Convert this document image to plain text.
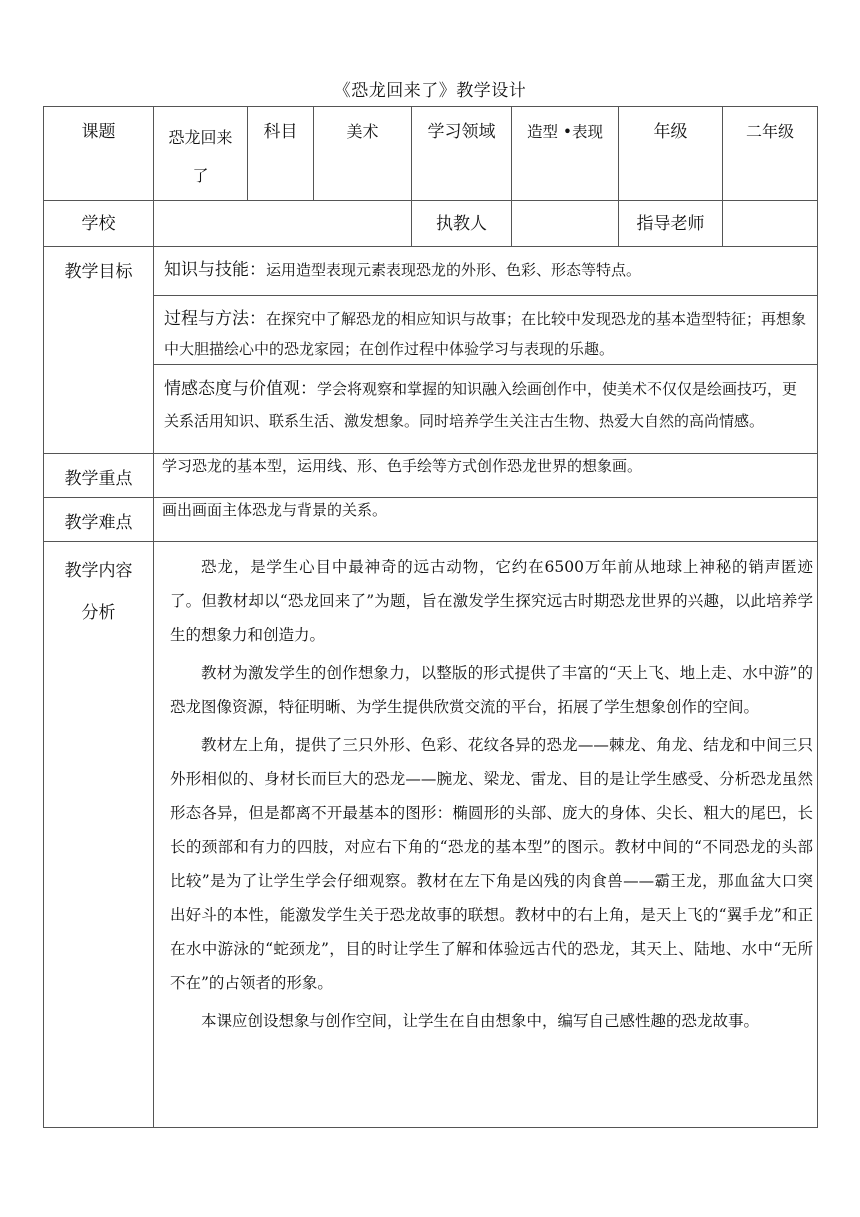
《恐龙回来了》教学设计
课题	恐龙回来了	科目	美术	学习领域	造型 •表现	年级	二年级
学校				执教人		指导老师	
教学目标	知识与技能：运用造型表现元素表现恐龙的外形、色彩、形态等特点。
过程与方法：在探究中了解恐龙的相应知识与故事；在比较中发现恐龙的基本造型特征；再想象中大胆描绘心中的恐龙家园；在创作过程中体验学习与表现的乐趣。
情感态度与价值观：学会将观察和掌握的知识融入绘画创作中，使美术不仅仅是绘画技巧，更关系活用知识、联系生活、激发想象。同时培养学生关注古生物、热爱大自然的高尚情感。						

教学重点	学习恐龙的基本型，运用线、形、色手绘等方式创作恐龙世界的想象画。						
教学难点	画出画面主体恐龙与背景的关系。						
教学内容分析	恐龙，是学生心目中最神奇的远古动物，它约在6500万年前从地球上神秘的销声匿迹了。但教材却以“恐龙回来了”为题，旨在激发学生探究远古时期恐龙世界的兴趣，以此培养学生的想象力和创造力。

教材为激发学生的创作想象力，以整版的形式提供了丰富的“天上飞、地上走、水中游”的恐龙图像资源，特征明晰、为学生提供欣赏交流的平台，拓展了学生想象创作的空间。

教材左上角，提供了三只外形、色彩、花纹各异的恐龙——棘龙、角龙、结龙和中间三只外形相似的、身材长而巨大的恐龙——腕龙、梁龙、雷龙、目的是让学生感受、分析恐龙虽然形态各异，但是都离不开最基本的图形：椭圆形的头部、庞大的身体、尖长、粗大的尾巴，长长的颈部和有力的四肢，对应右下角的“恐龙的基本型”的图示。教材中间的“不同恐龙的头部比较”是为了让学生学会仔细观察。教材在左下角是凶残的肉食兽——霸王龙，那血盆大口突出好斗的本性，能激发学生关于恐龙故事的联想。教材中的右上角，是天上飞的“翼手龙”和正在水中游泳的“蛇颈龙”，目的时让学生了解和体验远古代的恐龙，其天上、陆地、水中“无所不在”的占领者的形象。

本课应创设想象与创作空间，让学生在自由想象中，编写自己感性趣的恐龙故事。						
